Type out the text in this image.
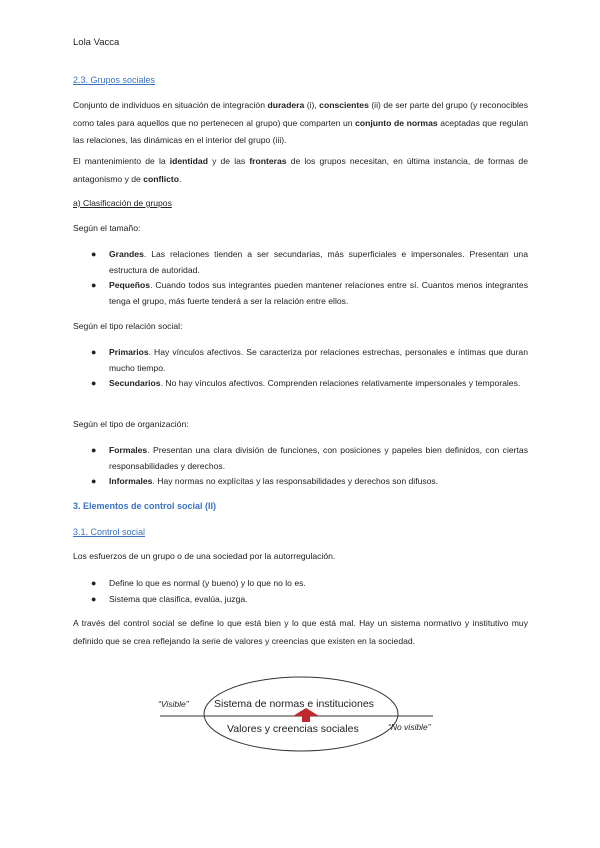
Lola Vacca
2.3. Grupos sociales
Conjunto de individuos en situación de integración duradera (i), conscientes (ii) de ser parte del grupo (y reconocibles como tales para aquellos que no pertenecen al grupo) que comparten un conjunto de normas aceptadas que regulan las relaciones, las dinámicas en el interior del grupo (iii).
El mantenimiento de la identidad y de las fronteras de los grupos necesitan, en última instancia, de formas de antagonismo y de conflicto.
a) Clasificación de grupos
Según el tamaño:
● Grandes. Las relaciones tienden a ser secundarias, más superficiales e impersonales. Presentan una estructura de autoridad.
● Pequeños. Cuando todos sus integrantes pueden mantener relaciones entre sí. Cuantos menos integrantes tenga el grupo, más fuerte tenderá a ser la relación entre ellos.
Según el tipo relación social:
● Primarios. Hay vínculos afectivos. Se caracteriza por relaciones estrechas, personales e íntimas que duran mucho tiempo.
● Secundarios. No hay vínculos afectivos. Comprenden relaciones relativamente impersonales y temporales.
Según el tipo de organización:
● Formales. Presentan una clara división de funciones, con posiciones y papeles bien definidos, con ciertas responsabilidades y derechos.
● Informales. Hay normas no explícitas y las responsabilidades y derechos son difusos.
3. Elementos de control social (II)
3.1. Control social
Los esfuerzos de un grupo o de una sociedad por la autorregulación.
● Define lo que es normal (y bueno) y lo que no lo es.
● Sistema que clasifica, evalúa, juzga.
A través del control social se define lo que está bien y lo que está mal. Hay un sistema normativo y institutivo muy definido que se crea reflejando la serie de valores y creencias que existen en la sociedad.
“Visible”
“No visible”
Sistema de normas e instituciones
Valores y creencias sociales
